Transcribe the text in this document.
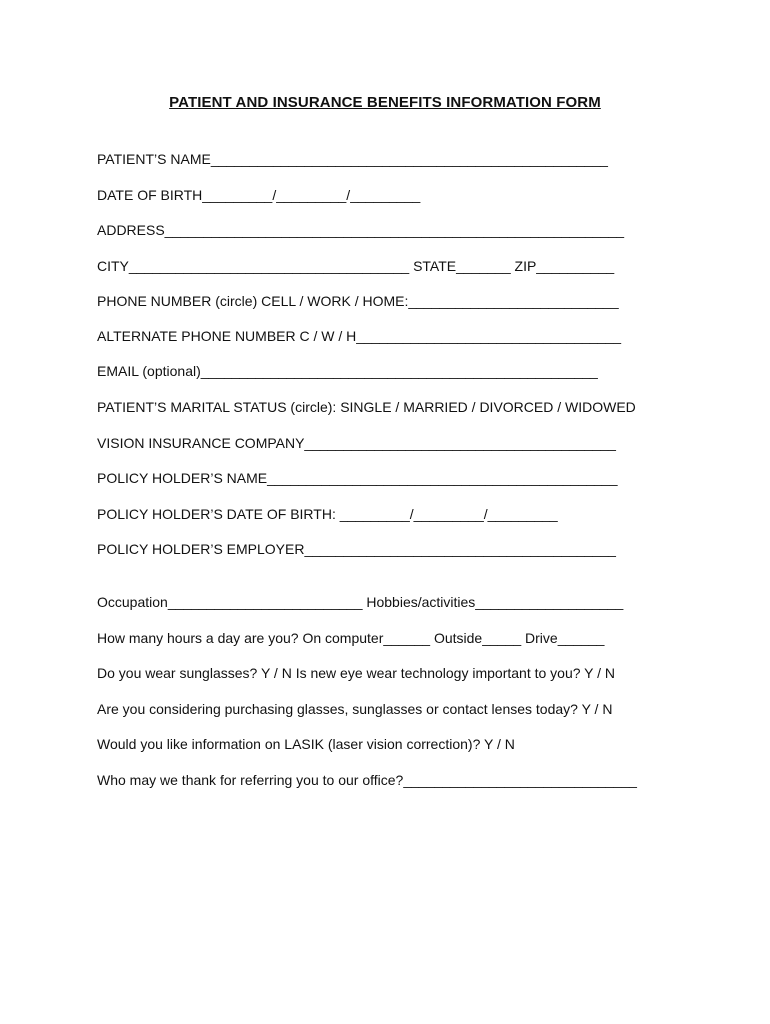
PATIENT AND INSURANCE BENEFITS INFORMATION FORM
PATIENT’S NAME___________________________________________________
DATE OF BIRTH_________/_________/_________
ADDRESS___________________________________________________________
CITY____________________________________ STATE_______ ZIP__________
PHONE NUMBER (circle) CELL / WORK / HOME:___________________________
ALTERNATE PHONE NUMBER C / W / H__________________________________
EMAIL (optional)___________________________________________________
PATIENT’S MARITAL STATUS (circle): SINGLE / MARRIED / DIVORCED / WIDOWED
VISION INSURANCE COMPANY________________________________________
POLICY HOLDER’S NAME_____________________________________________
POLICY HOLDER’S DATE OF BIRTH: _________/_________/_________
POLICY HOLDER’S EMPLOYER________________________________________
Occupation_________________________ Hobbies/activities___________________
How many hours a day are you? On computer______ Outside_____ Drive______
Do you wear sunglasses? Y / N Is new eye wear technology important to you? Y / N
Are you considering purchasing glasses, sunglasses or contact lenses today? Y / N
Would you like information on LASIK (laser vision correction)? Y / N
Who may we thank for referring you to our office?______________________________
